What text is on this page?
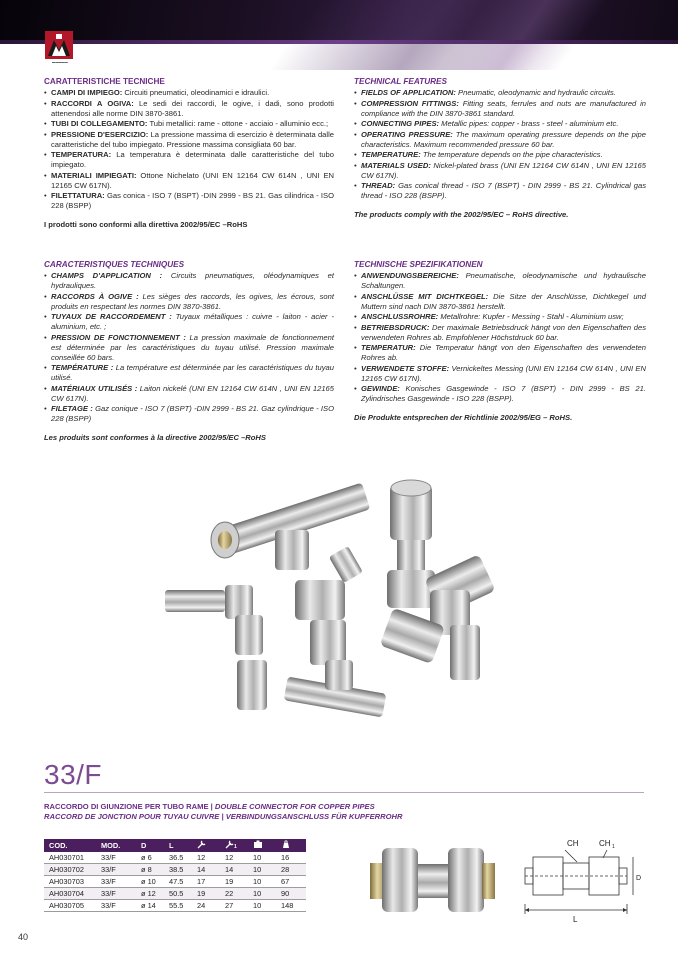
▬▬▬▬▬
CARATTERISTICHE TECNICHE
• CAMPI DI IMPIEGO: Circuiti pneumatici, oleodinamici e idraulici.
• RACCORDI A OGIVA: Le sedi dei raccordi, le ogive, i dadi, sono prodotti attenendosi alle norme DIN 3870-3861.
• TUBI DI COLLEGAMENTO: Tubi metallici: rame - ottone - acciaio - alluminio ecc.;
• PRESSIONE D'ESERCIZIO: La pressione massima di esercizio è determinata dalle caratteristiche del tubo impiegato. Pressione massima consigliata 60 bar.
• TEMPERATURA: La temperatura è determinata dalle caratteristiche del tubo impiegato.
• MATERIALI IMPIEGATI: Ottone Nichelato (UNI EN 12164 CW 614N , UNI EN 12165 CW 617N).
• FILETTATURA: Gas conica - ISO 7 (BSPT) -DIN 2999 - BS 21. Gas cilindrica - ISO 228 (BSPP)
I prodotti sono conformi alla direttiva 2002/95/EC –RoHS
CARACTERISTIQUES TECHNIQUES
• CHAMPS D'APPLICATION : Circuits pneumatiques, oléodynamiques et hydrauliques.
• RACCORDS À OGIVE : Les sièges des raccords, les ogives, les écrous, sont produits en respectant les normes DIN 3870-3861.
• TUYAUX DE RACCORDEMENT : Tuyaux métalliques : cuivre - laiton - acier - aluminium, etc. ;
• PRESSION DE FONCTIONNEMENT : La pression maximale de fonctionnement est déterminée par les caractéristiques du tuyau utilisé. Pression maximale conseillée 60 bars.
• TEMPÉRATURE : La température est déterminée par les caractéristiques du tuyau utilisé.
• MATÉRIAUX UTILISÉS : Laiton nickelé (UNI EN 12164 CW 614N , UNI EN 12165 CW 617N).
• FILETAGE : Gaz conique - ISO 7 (BSPT) -DIN 2999 - BS 21. Gaz cylindrique - ISO 228 (BSPP)
Les produits sont conformes à la directive 2002/95/EC –RoHS
TECHNICAL FEATURES
• FIELDS OF APPLICATION: Pneumatic, oleodynamic and hydraulic circuits.
• COMPRESSION FITTINGS: Fitting seats, ferrules and nuts are manufactured in compliance with the DIN 3870-3861 standard.
• CONNECTING PIPES: Metallic pipes: copper - brass - steel - aluminium etc.
• OPERATING PRESSURE: The maximum operating pressure depends on the pipe characteristics. Maximum recommended pressure 60 bar.
• TEMPERATURE: The temperature depends on the pipe characteristics.
• MATERIALS USED: Nickel-plated brass (UNI EN 12164 CW 614N , UNI EN 12165 CW 617N).
• THREAD: Gas conical thread - ISO 7 (BSPT) - DIN 2999 - BS 21. Cylindrical gas thread - ISO 228 (BSPP).
The products comply with the 2002/95/EC – RoHS directive.
TECHNISCHE SPEZIFIKATIONEN
• ANWENDUNGSBEREICHE: Pneumatische, oleodynamische und hydraulische Schaltungen.
• ANSCHLÜSSE MIT DICHTKEGEL: Die Sitze der Anschlüsse, Dichtkegel und Muttern sind nach DIN 3870-3861 herstellt.
• ANSCHLUSSROHRE: Metallrohre: Kupfer - Messing - Stahl - Aluminium usw;
• BETRIEBSDRUCK: Der maximale Betriebsdruck hängt von den Eigenschaften des verwendeten Rohres ab. Empfohlener Höchstdruck 60 bar.
• TEMPERATUR: Die Temperatur hängt von den Eigenschaften des verwendeten Rohres ab.
• VERWENDETE STOFFE: Vernickeltes Messing (UNI EN 12164 CW 614N , UNI EN 12165 CW 617N).
• GEWINDE: Konisches Gasgewinde - ISO 7 (BSPT) - DIN 2999 - BS 21. Zylindrisches Gasgewinde - ISO 228 (BSPP).
Die Produkte entsprechen der Richtlinie 2002/95/EG – RoHS.
33/F
RACCORDO DI GIUNZIONE PER TUBO RAME | DOUBLE CONNECTOR FOR COPPER PIPES
RACCORD DE JONCTION POUR TUYAU CUIVRE | VERBINDUNGSANSCHLUSS FÜR KUPFERROHR
COD.	MOD.	D	L		1

AH030701	33/F	ø 6	36.5	12	12	10	16
AH030702	33/F	ø 8	38.5	14	14	10	28
AH030703	33/F	ø 10	47.5	17	19	10	67
AH030704	33/F	ø 12	50.5	19	22	10	90
AH030705	33/F	ø 14	55.5	24	27	10	148
CH	CH 1
D
L
40
